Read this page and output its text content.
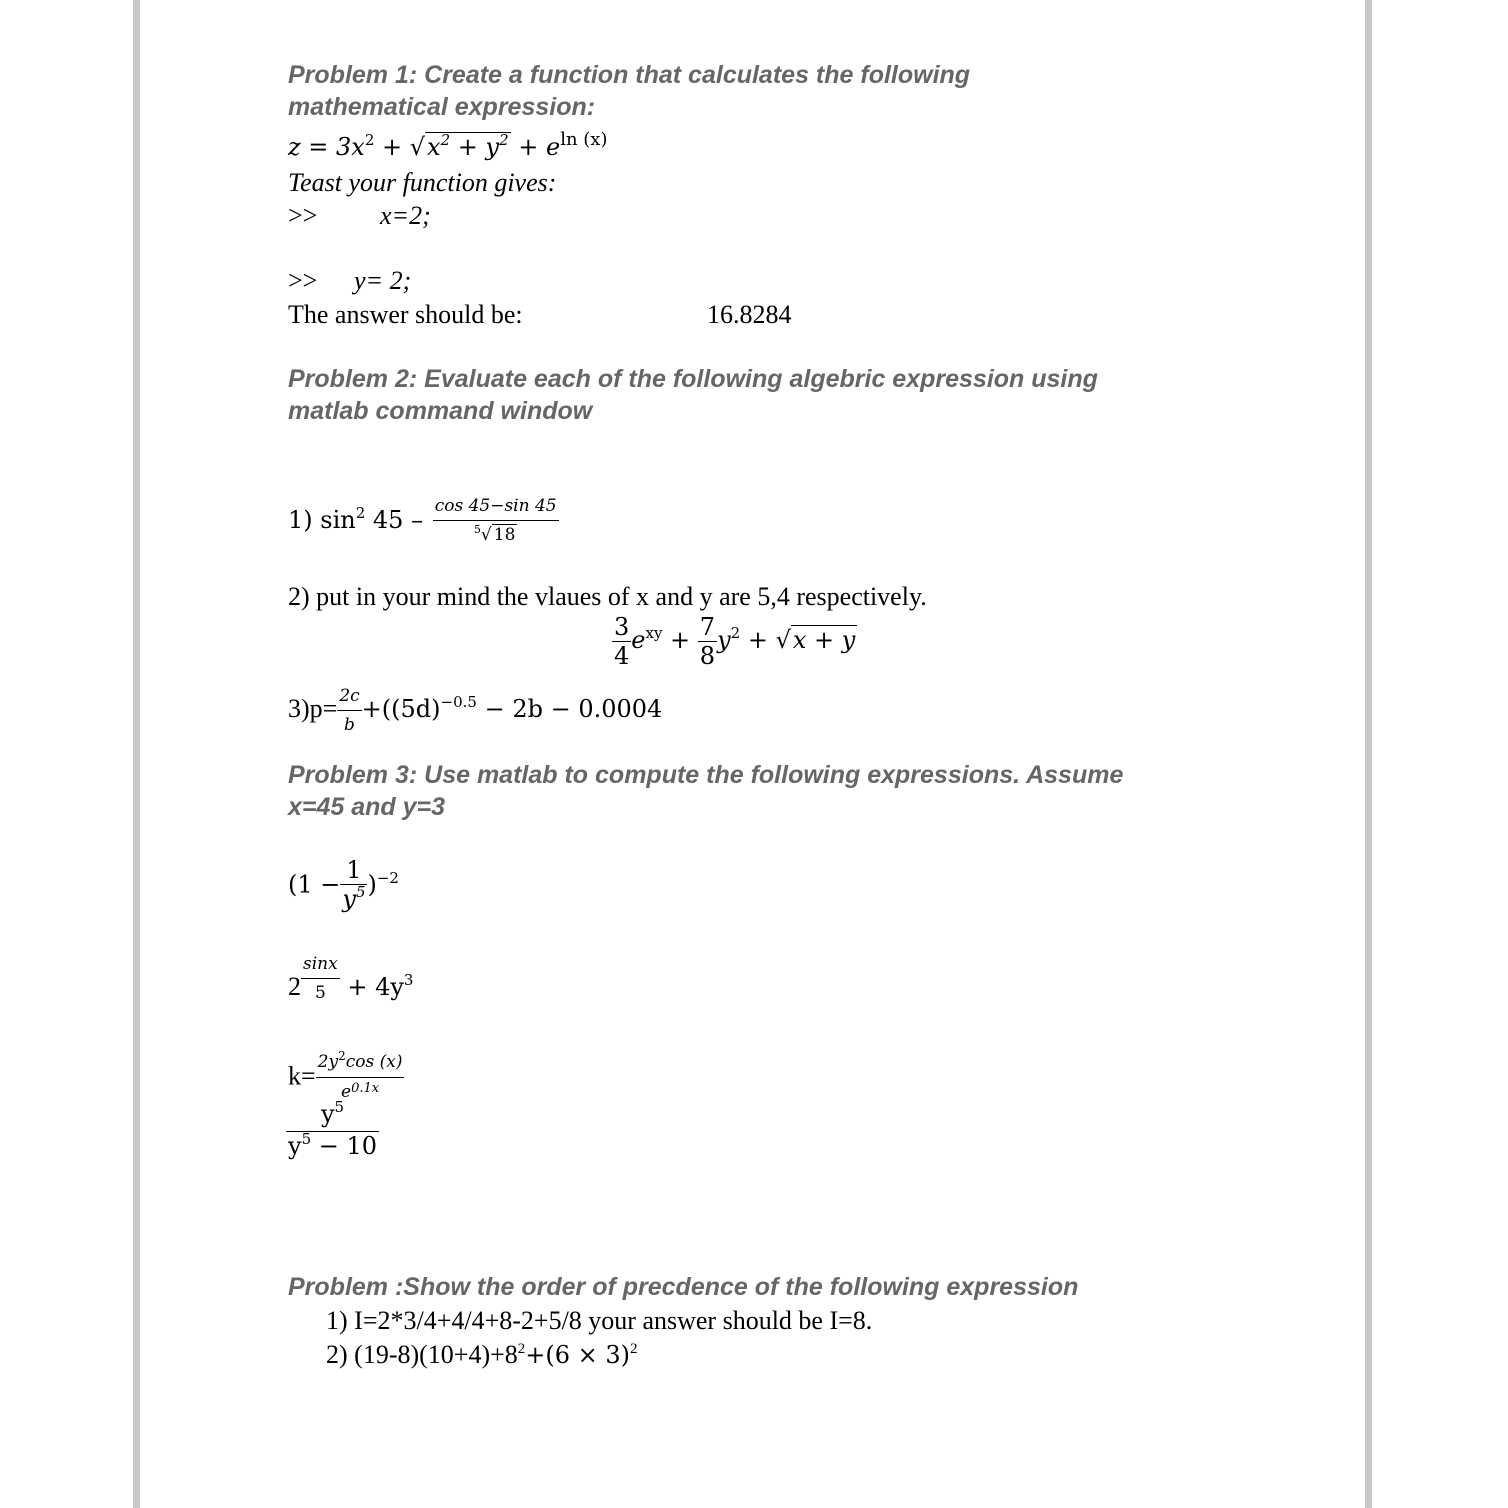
Problem 1: Create a function that calculates the following
mathematical expression:
$z = 3x^2 + √x^2 + y^2 + e^{ln (x)}$
Teast your function gives:
>> x=2;
>> y= 2;
The answer should be:	16.8284
Problem 2: Evaluate each of the following algebric expression using
matlab command window
1) $\sin^2 45 - \frac{\cos 45-\sin 45}{^5√ 18}$
2) put in your mind the vlaues of x and y are 5,4 respectively.
$\frac{3}{4} e^{xy} + \frac{7}{8} y^2 + √x + y$
$3)p= \frac{2c}{b} +((5d)^{-0.5} - 2b - 0.0004$
Problem 3: Use matlab to compute the following expressions. Assume
x=45 and y=3
$(1 - \frac{1}{y^5} )^{-2}$
$2 \frac{\sin x}{5} + 4y^3$
$k= \frac{2y^2\cos (x)}{e^{0.1x}}$
$\frac{y^5}{y^5 - 10}$
Problem :Show the order of precdence of the following expression
1) I=2*3/4+4/4+8-2+5/8 your answer should be I=8.
2) $(19-8)(10+4)+8^2+(6 \times 3)^2$
